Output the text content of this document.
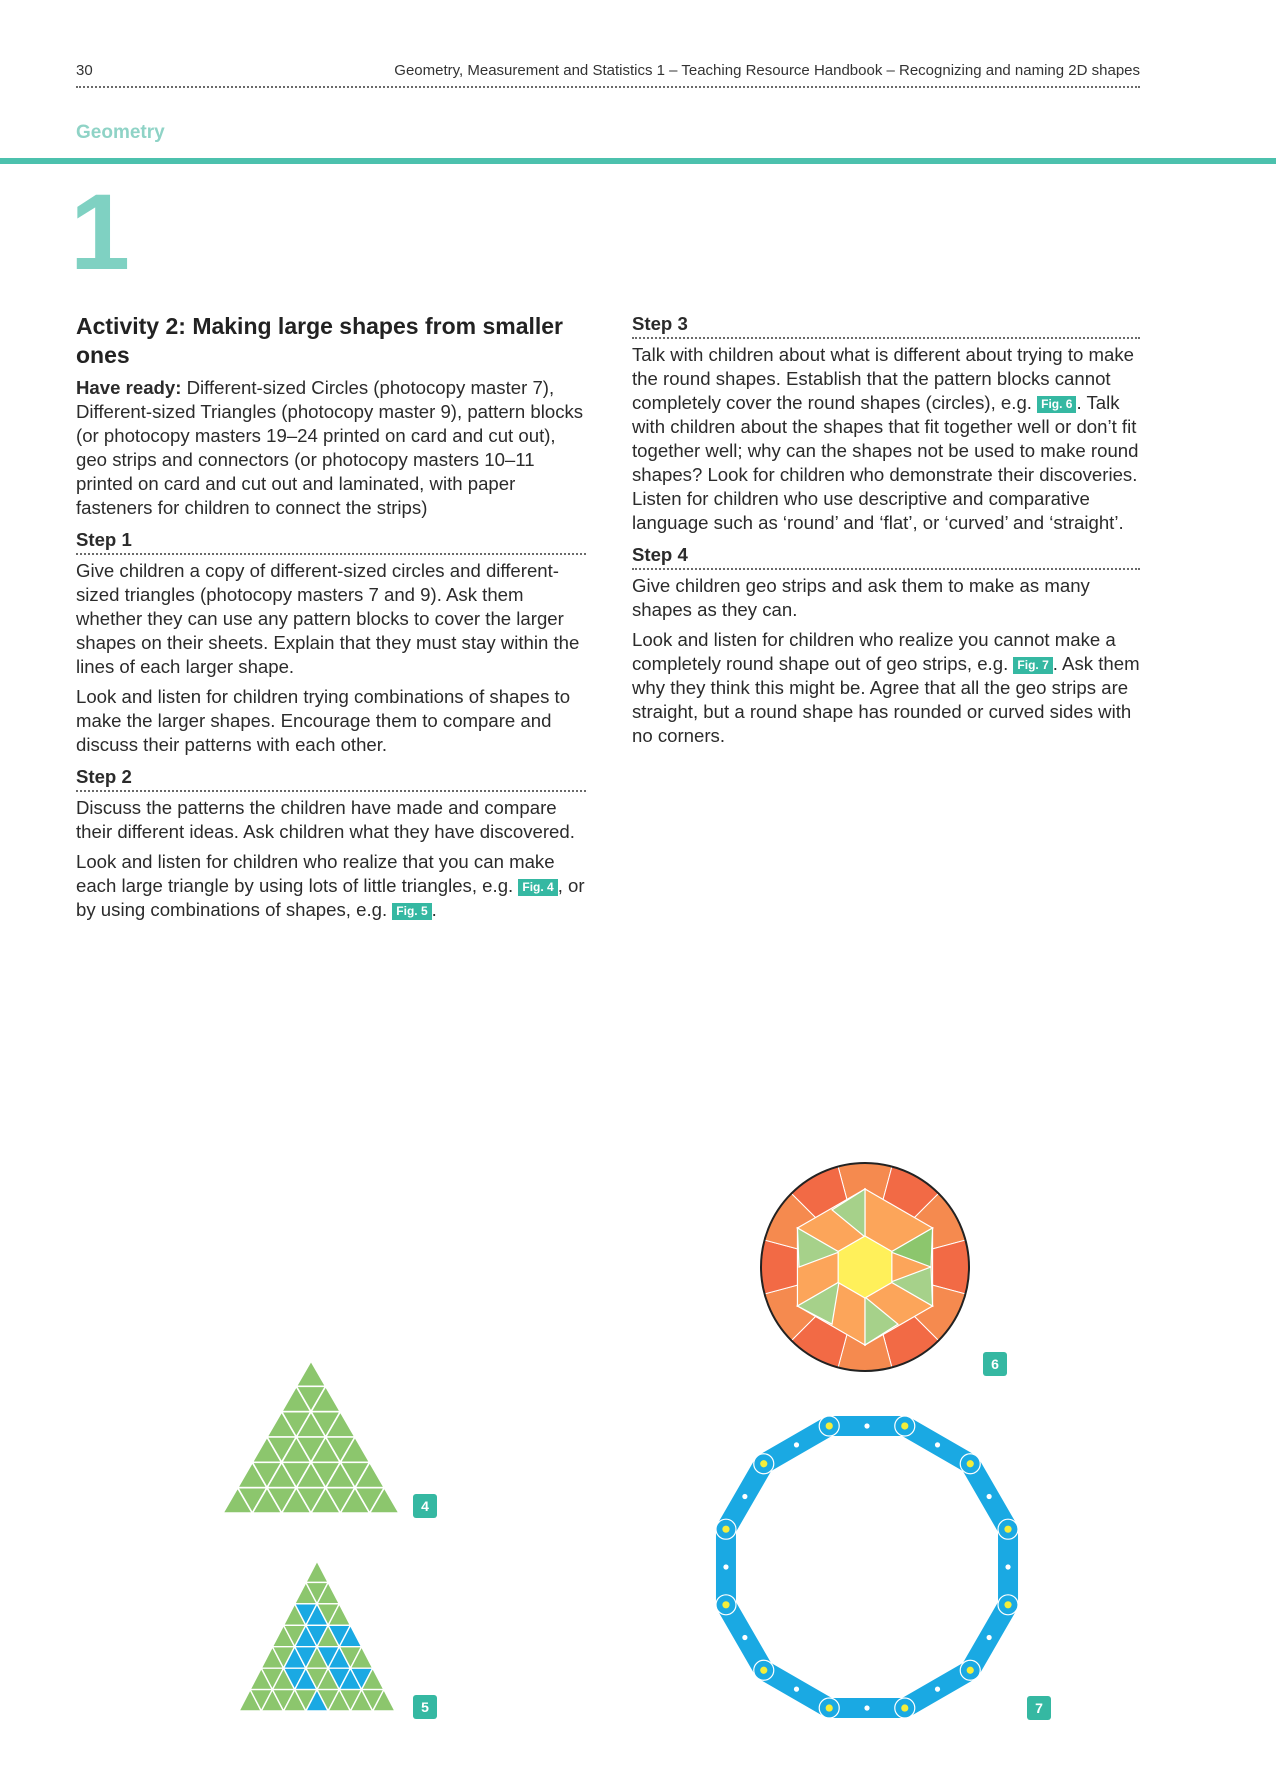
30	Geometry, Measurement and Statistics 1 – Teaching Resource Handbook – Recognizing and naming 2D shapes
Geometry
1
Activity 2: Making large shapes from smaller ones

Have ready: Different-sized Circles (photocopy master 7), Different-sized Triangles (photocopy master 9), pattern blocks (or photocopy masters 19–24 printed on card and cut out), geo strips and connectors (or photocopy masters 10–11 printed on card and cut out and laminated, with paper fasteners for children to connect the strips)

Step 1

Give children a copy of different-sized circles and different-sized triangles (photocopy masters 7 and 9). Ask them whether they can use any pattern blocks to cover the larger shapes on their sheets. Explain that they must stay within the lines of each larger shape.

Look and listen for children trying combinations of shapes to make the larger shapes. Encourage them to compare and discuss their patterns with each other.

Step 2

Discuss the patterns the children have made and compare their different ideas. Ask children what they have discovered.

Look and listen for children who realize that you can make each large triangle by using lots of little triangles, e.g. Fig. 4 , or by using combinations of shapes, e.g. Fig. 5 .

Step 3

Talk with children about what is different about trying to make the round shapes. Establish that the pattern blocks cannot completely cover the round shapes (circles), e.g. Fig. 6 . Talk with children about the shapes that fit together well or don’t fit together well; why can the shapes not be used to make round shapes? Look for children who demonstrate their discoveries. Listen for children who use descriptive and comparative language such as ‘round’ and ‘flat’, or ‘curved’ and ‘straight’.

Step 4

Give children geo strips and ask them to make as many shapes as they can.

Look and listen for children who realize you cannot make a completely round shape out of geo strips, e.g. Fig. 7 . Ask them why they think this might be. Agree that all the geo strips are straight, but a round shape has rounded or curved sides with no corners.

4
5
6
7
